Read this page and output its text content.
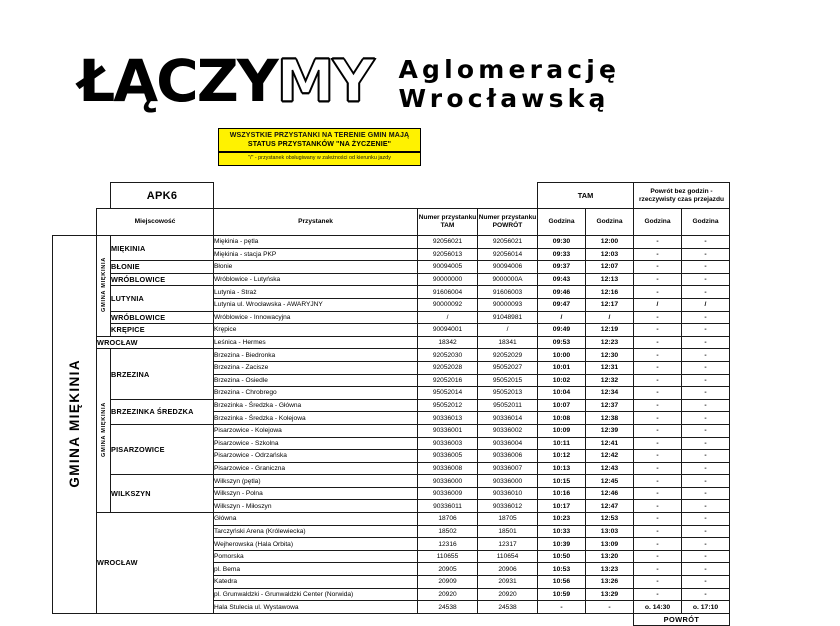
ŁĄCZY MY Aglomerację
Wrocławską
WSZYSTKIE PRZYSTANKI NA TERENIE GMIN MAJĄ
STATUS PRZYSTANKÓW "NA ŻYCZENIE"
"/" - przystanek obsługiwany w zależności od kierunku jazdy
		APK6				TAM		Powrót bez godzin - rzeczywisty czas przejazdu	
	Miejscowość		Przystanek	Numer przystanku TAM	Numer przystanku POWRÓT	Godzina	Godzina	Godzina	Godzina
GMINA MIĘKINIA	GMINA MIĘKINIA	MIĘKINIA	Miękinia - pętla	92056021	92056021	09:30	12:00	-	-
			Miękinia - stacja PKP	92056013	92056014	09:33	12:03	-	-
		BŁONIE	Błonie	90094005	90094006	09:37	12:07	-	-
		WRÓBLOWICE	Wróblowice - Lutyńska	90000000	9000000A	09:43	12:13	-	-
		LUTYNIA	Lutynia - Straż	91606004	91606003	09:46	12:16	-	-
			Lutynia ul. Wrocławska - AWARYJNY	90000092	90000093	09:47	12:17	/	/
		WRÓBLOWICE	Wróblowice - Innowacyjna	/	91048981	/	/	-	-
		KRĘPICE	Krępice	90094001	/	09:49	12:19	-	-
	WROCŁAW		Leśnica - Hermes	18342	18341	09:53	12:23	-	-
	GMINA MIĘKINIA	BRZEZINA	Brzezina - Biedronka	92052030	92052029	10:00	12:30	-	-
			Brzezina - Zacisze	92052028	95052027	10:01	12:31	-	-
			Brzezina - Osiedle	92052016	95052015	10:02	12:32	-	-
			Brzezina - Chrobrego	95052014	95052013	10:04	12:34	-	-
		BRZEZINKA ŚREDZKA	Brzezinka - Średzka - Główna	95052012	95052011	10:07	12:37	-	-
			Brzezinka - Średzka - Kolejowa	90336013	90336014	10:08	12:38	-	-
		PISARZOWICE	Pisarzowice - Kolejowa	90336001	90336002	10:09	12:39	-	-
			Pisarzowice - Szkolna	90336003	90336004	10:11	12:41	-	-
			Pisarzowice - Odrzańska	90336005	90336006	10:12	12:42	-	-
			Pisarzowice - Graniczna	90336008	90336007	10:13	12:43	-	-
		WILKSZYN	Wilkszyn (pętla)	90336000	90336000	10:15	12:45	-	-
			Wilkszyn - Polna	90336009	90336010	10:16	12:46	-	-
			Wilkszyn - Miłoszyn	90336011	90336012	10:17	12:47	-	-
	WROCŁAW		Główna	18706	18705	10:23	12:53	-	-
			Tarczyński Arena (Królewiecka)	18502	18501	10:33	13:03	-	-
			Wejherowska (Hala Orbita)	12316	12317	10:39	13:09	-	-
			Pomorska	110655	110654	10:50	13:20	-	-
			pl. Bema	20905	20906	10:53	13:23	-	-
			Katedra	20909	20931	10:56	13:26	-	-
			pl. Grunwaldzki - Grunwaldzki Center (Norwida)	20920	20920	10:59	13:29	-	-
			Hala Stulecia ul. Wystawowa	24538	24538	-	-	o. 14:30	o. 17:10
								POWRÓT	
